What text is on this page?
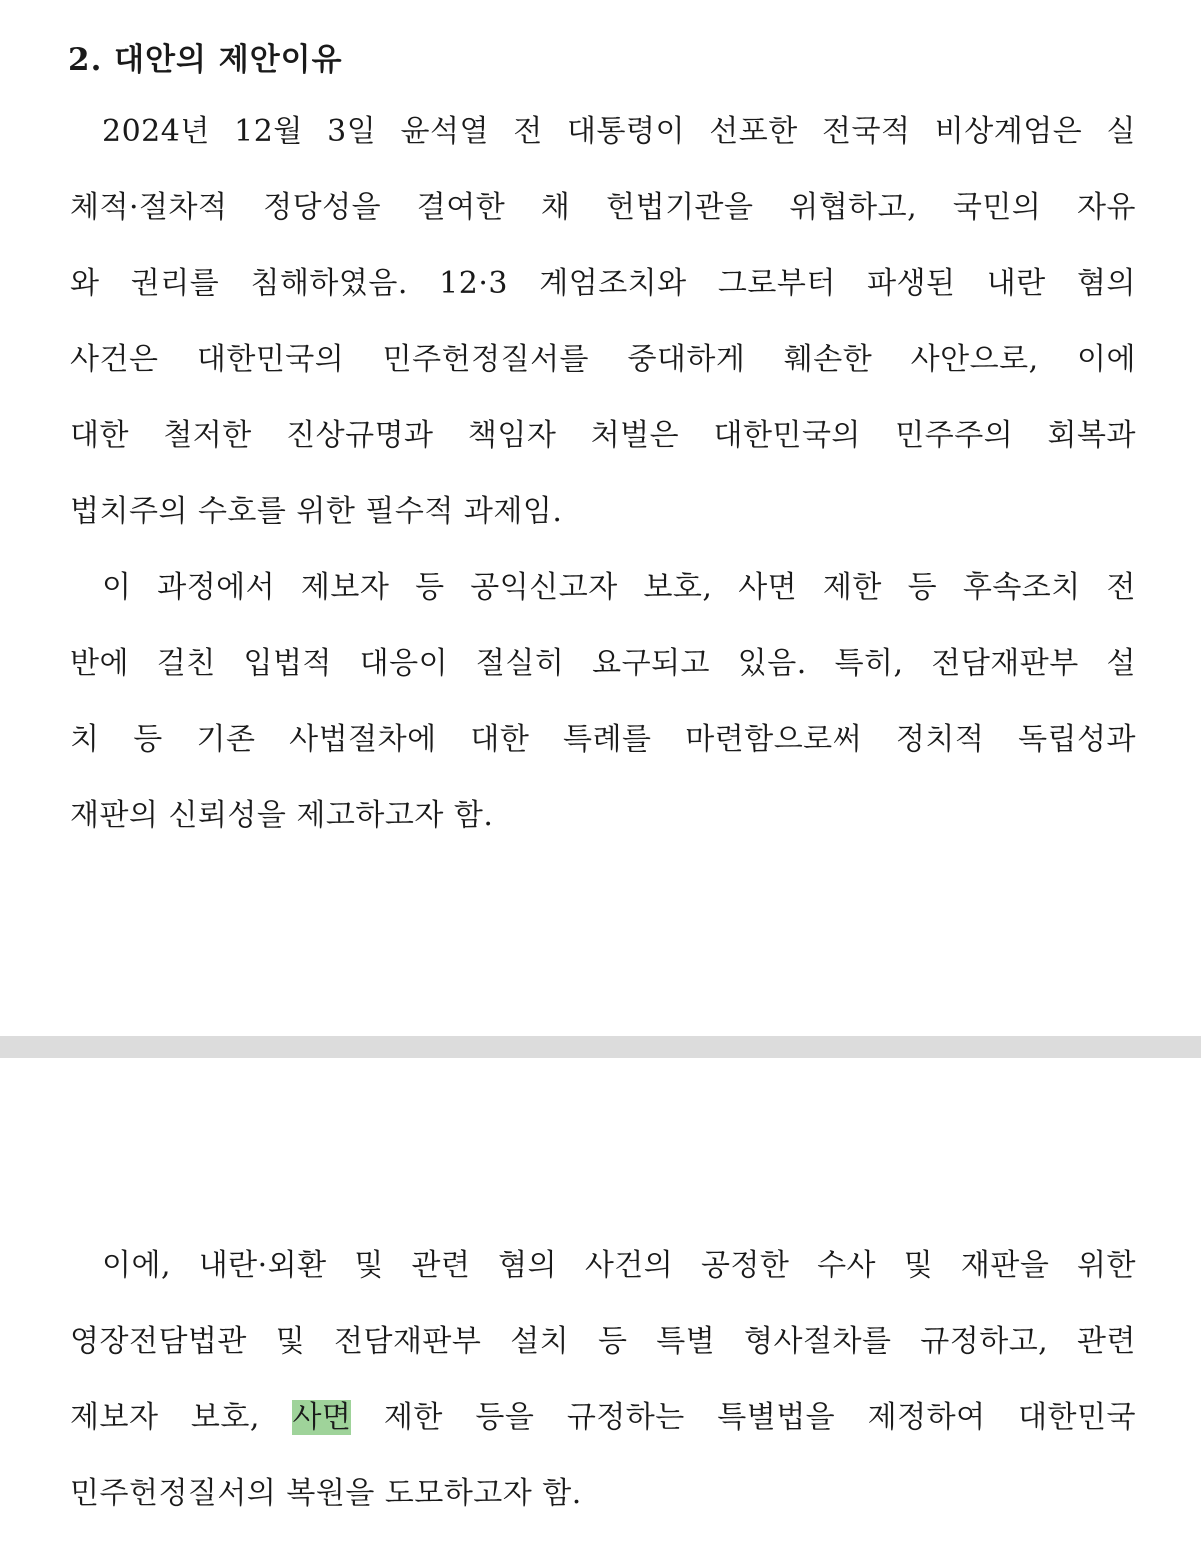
2. 대안의 제안이유
2024년 12월 3일 윤석열 전 대통령이 선포한 전국적 비상계엄은 실
체적·절차적 정당성을 결여한 채 헌법기관을 위협하고, 국민의 자유
와 권리를 침해하였음. 12·3 계엄조치와 그로부터 파생된 내란 혐의
사건은 대한민국의 민주헌정질서를 중대하게 훼손한 사안으로, 이에
대한 철저한 진상규명과 책임자 처벌은 대한민국의 민주주의 회복과
법치주의 수호를 위한 필수적 과제임.
이 과정에서 제보자 등 공익신고자 보호, 사면 제한 등 후속조치 전
반에 걸친 입법적 대응이 절실히 요구되고 있음. 특히, 전담재판부 설
치 등 기존 사법절차에 대한 특례를 마련함으로써 정치적 독립성과
재판의 신뢰성을 제고하고자 함.
이에, 내란·외환 및 관련 혐의 사건의 공정한 수사 및 재판을 위한
영장전담법관 및 전담재판부 설치 등 특별 형사절차를 규정하고, 관련
제보자 보호, 사면 제한 등을 규정하는 특별법을 제정하여 대한민국
민주헌정질서의 복원을 도모하고자 함.
